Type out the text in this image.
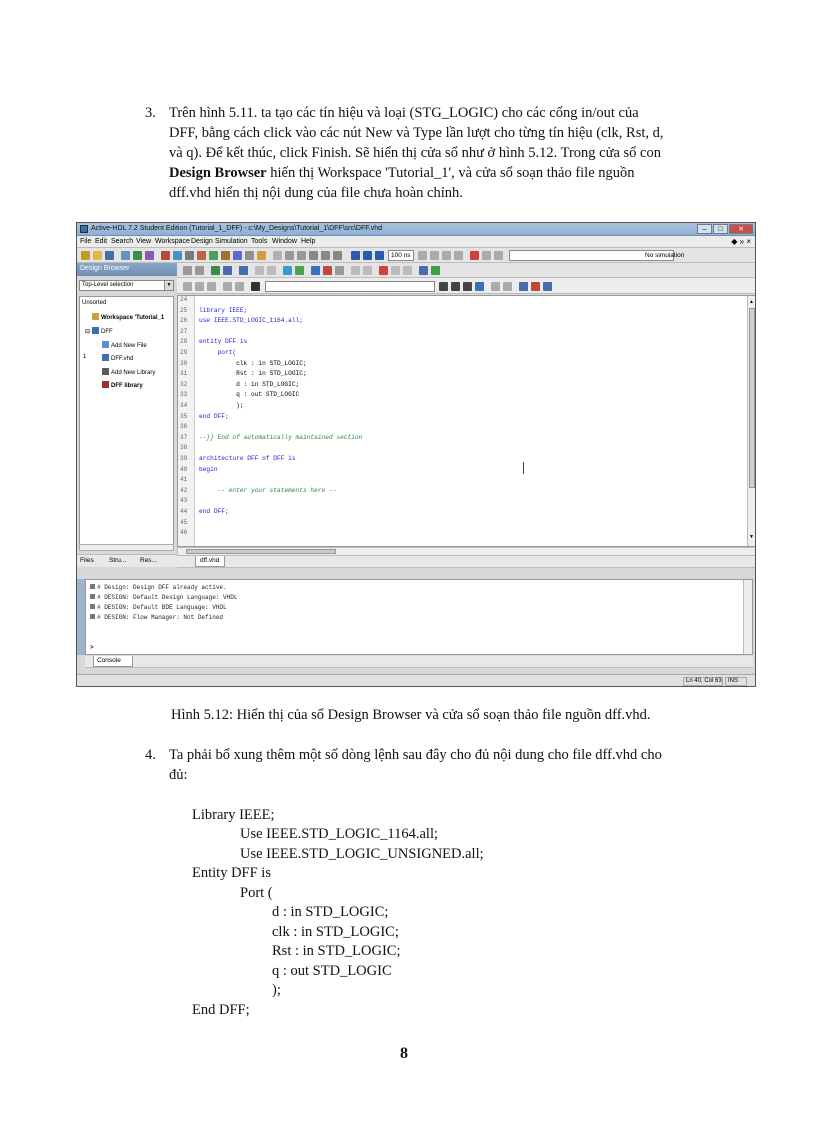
3. Trên hình 5.11. ta tạo các tín hiệu và loại (STG_LOGIC) cho các cổng in/out của
DFF, bằng cách click vào các nút New và Type lần lượt cho từng tín hiệu (clk, Rst, d,
và q). Để kết thúc, click Finish. Sẽ hiển thị cửa sổ như ở hình 5.12. Trong cửa sổ con
Design Browser hiển thị Workspace 'Tutorial_1', và cửa sổ soạn thảo file nguồn
dff.vhd hiển thị nội dung của file chưa hoàn chỉnh.
Active-HDL 7.2 Student Edition (Tutorial_1_DFF) - c:\My_Designs\Tutorial_1\DFF\src\DFF.vhd	–	□	✕
File Edit Search View Workspace Design Simulation Tools Window Help	◆ » ×
100 ns	No simulation
Design Browser
Top-Level selection	▼
Unsorted
Workspace 'Tutorial_1
⊟ DFF
Add New File
1	DFF.vhd
Add New Library
DFF library
Files Stru... Res...
24
25
26
27
28
29
30
31
32
33
34
35
36
37
38
39
40
41
42
43
44
45
46
library IEEE;
use IEEE.STD_LOGIC_1164.all;
entity DFF is
port(
clk : in STD_LOGIC;
Rst : in STD_LOGIC;
d : in STD_LOGIC;
q : out STD_LOGIC
);
end DFF;
--}} End of automatically maintained section
architecture DFF of DFF is
begin
-- enter your statements here --
end DFF;
▲
▼
dff.vhd
# Design: Design DFF already active.
# DESIGN: Default Design Language: VHDL
# DESIGN: Default BDE Language: VHDL
# DESIGN: Flow Manager: Not Defined
>
Console
Ln 40, Col 63	INS
Hình 5.12: Hiển thị của sổ Design Browser và cửa sổ soạn thảo file nguồn dff.vhd.
4. Ta phải bổ xung thêm một số dòng lệnh sau đây cho đủ nội dung cho file dff.vhd cho
đủ:
Library IEEE;
Use IEEE.STD_LOGIC_1164.all;
Use IEEE.STD_LOGIC_UNSIGNED.all;
Entity DFF is
Port (
d : in STD_LOGIC;
clk : in STD_LOGIC;
Rst : in STD_LOGIC;
q : out STD_LOGIC
);
End DFF;
8
